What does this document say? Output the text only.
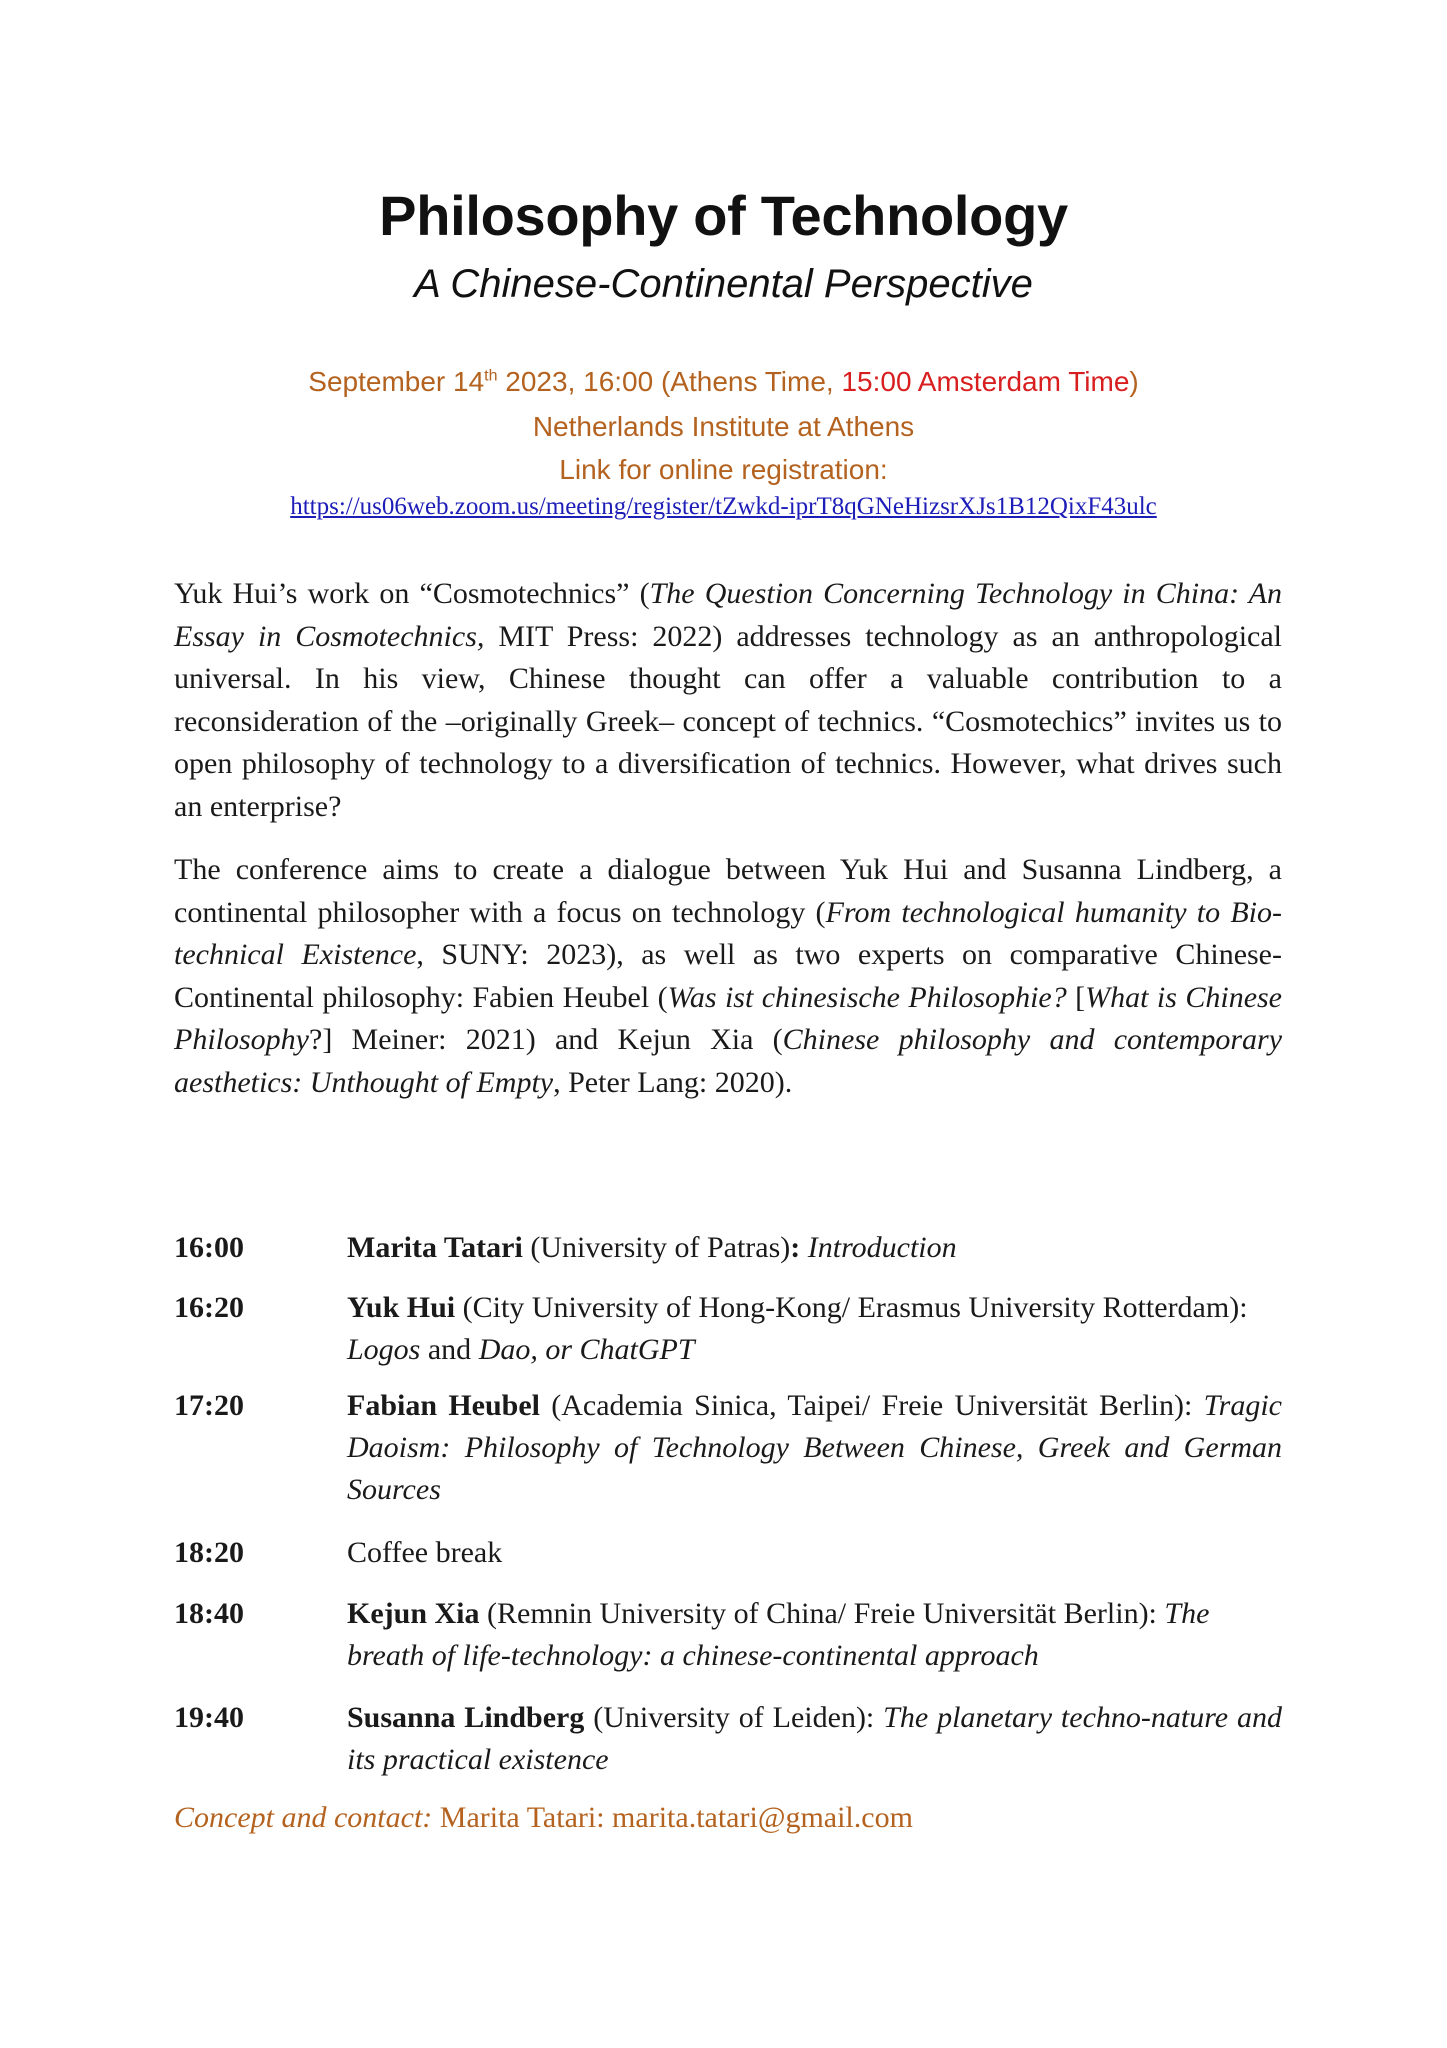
Philosophy of Technology
A Chinese-Continental Perspective
September 14th 2023, 16:00 (Athens Time, 15:00 Amsterdam Time)
Netherlands Institute at Athens
Link for online registration:
https://us06web.zoom.us/meeting/register/tZwkd-iprT8qGNeHizsrXJs1B12QixF43ulc

Yuk Hui’s work on “Cosmotechnics” (The Question Concerning Technology in China: An Essay in Cosmotechnics, MIT Press: 2022) addresses technology as an anthropological universal. In his view, Chinese thought can offer a valuable contribution to a reconsideration of the –originally Greek– concept of technics. “Cosmotechics” invites us to open philosophy of technology to a diversification of technics. However, what drives such an enterprise?

The conference aims to create a dialogue between Yuk Hui and Susanna Lindberg, a continental philosopher with a focus on technology (From technological humanity to Bio-technical Existence, SUNY: 2023), as well as two experts on comparative Chinese-Continental philosophy: Fabien Heubel (Was ist chinesische Philosophie? [What is Chinese Philosophy?] Meiner: 2021) and Kejun Xia (Chinese philosophy and contemporary aesthetics: Unthought of Empty, Peter Lang: 2020).

16:00	Marita Tatari (University of Patras): Introduction
16:20	Yuk Hui (City University of Hong-Kong/ Erasmus University Rotterdam): Logos and Dao, or ChatGPT
17:20	Fabian Heubel (Academia Sinica, Taipei/ Freie Universität Berlin): Tragic Daoism: Philosophy of Technology Between Chinese, Greek and German Sources
18:20	Coffee break
18:40	Kejun Xia (Remnin University of China/ Freie Universität Berlin): The breath of life-technology: a chinese-continental approach
19:40	Susanna Lindberg (University of Leiden): The planetary techno-nature and its practical existence
Concept and contact: Marita Tatari: marita.tatari@gmail.com
